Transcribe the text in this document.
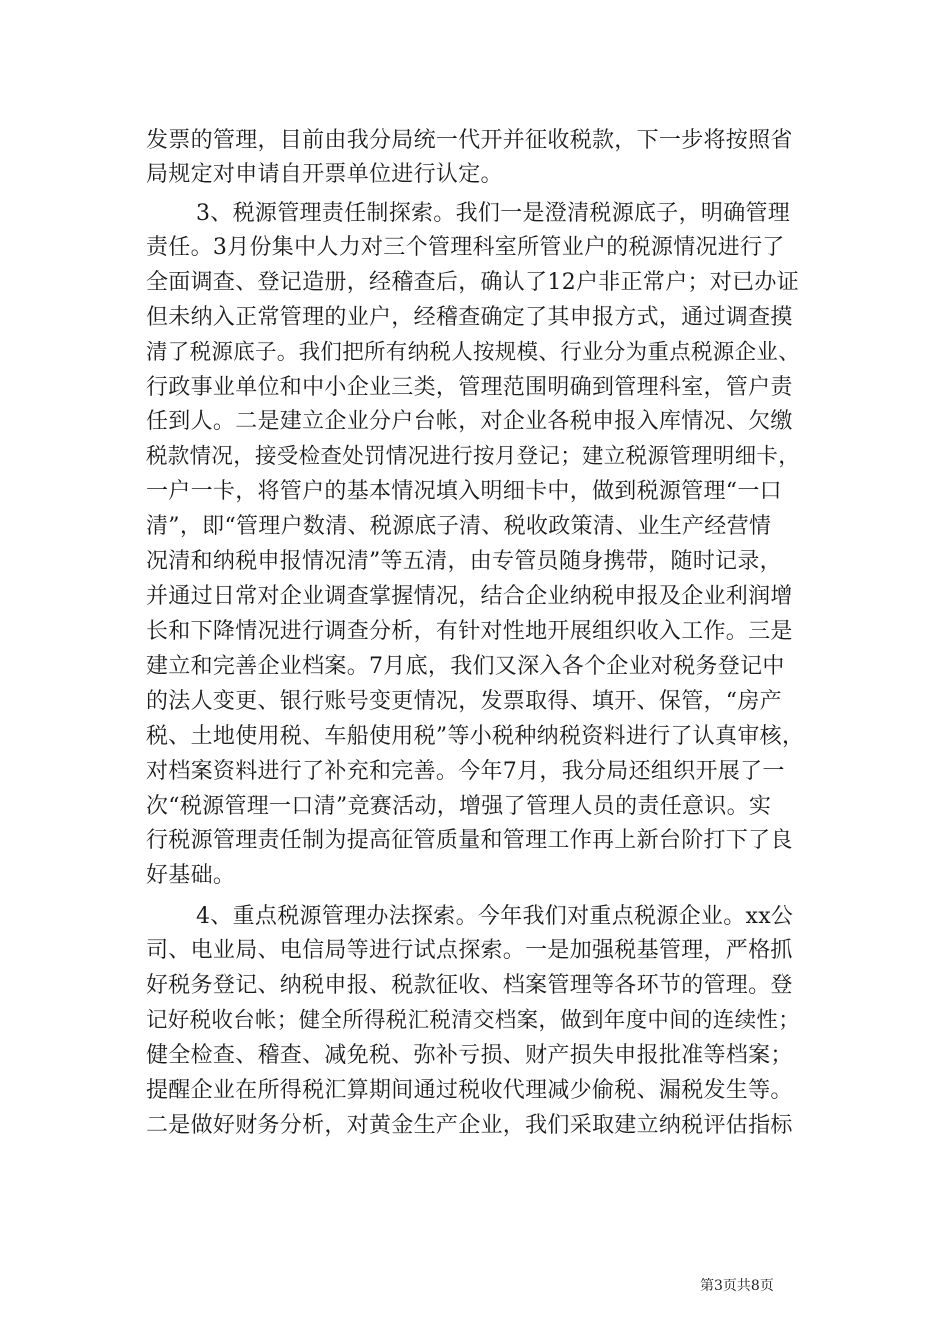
发票的管理，目前由我分局统一代开并征收税款，下一步将按照省
局规定对申请自开票单位进行认定。
3、税源管理责任制探索。我们一是澄清税源底子，明确管理
责任。3月份集中人力对三个管理科室所管业户的税源情况进行了
全面调查、登记造册，经稽查后，确认了12户非正常户；对已办证
但未纳入正常管理的业户，经稽查确定了其申报方式，通过调查摸
清了税源底子。我们把所有纳税人按规模、行业分为重点税源企业、
行政事业单位和中小企业三类，管理范围明确到管理科室，管户责
任到人。二是建立企业分户台帐，对企业各税申报入库情况、欠缴
税款情况，接受检查处罚情况进行按月登记；建立税源管理明细卡，
一户一卡，将管户的基本情况填入明细卡中，做到税源管理“一口
清”，即“管理户数清、税源底子清、税收政策清、业生产经营情
况清和纳税申报情况清”等五清，由专管员随身携带，随时记录，
并通过日常对企业调查掌握情况，结合企业纳税申报及企业利润增
长和下降情况进行调查分析，有针对性地开展组织收入工作。三是
建立和完善企业档案。7月底，我们又深入各个企业对税务登记中
的法人变更、银行账号变更情况，发票取得、填开、保管，“房产
税、土地使用税、车船使用税”等小税种纳税资料进行了认真审核，
对档案资料进行了补充和完善。今年7月，我分局还组织开展了一
次“税源管理一口清”竞赛活动，增强了管理人员的责任意识。实
行税源管理责任制为提高征管质量和管理工作再上新台阶打下了良
好基础。
4、重点税源管理办法探索。今年我们对重点税源企业。xx公
司、电业局、电信局等进行试点探索。一是加强税基管理，严格抓
好税务登记、纳税申报、税款征收、档案管理等各环节的管理。登
记好税收台帐；健全所得税汇税清交档案，做到年度中间的连续性；
健全检查、稽查、减免税、弥补亏损、财产损失申报批准等档案；
提醒企业在所得税汇算期间通过税收代理减少偷税、漏税发生等。
二是做好财务分析，对黄金生产企业，我们采取建立纳税评估指标
第3页共8页
